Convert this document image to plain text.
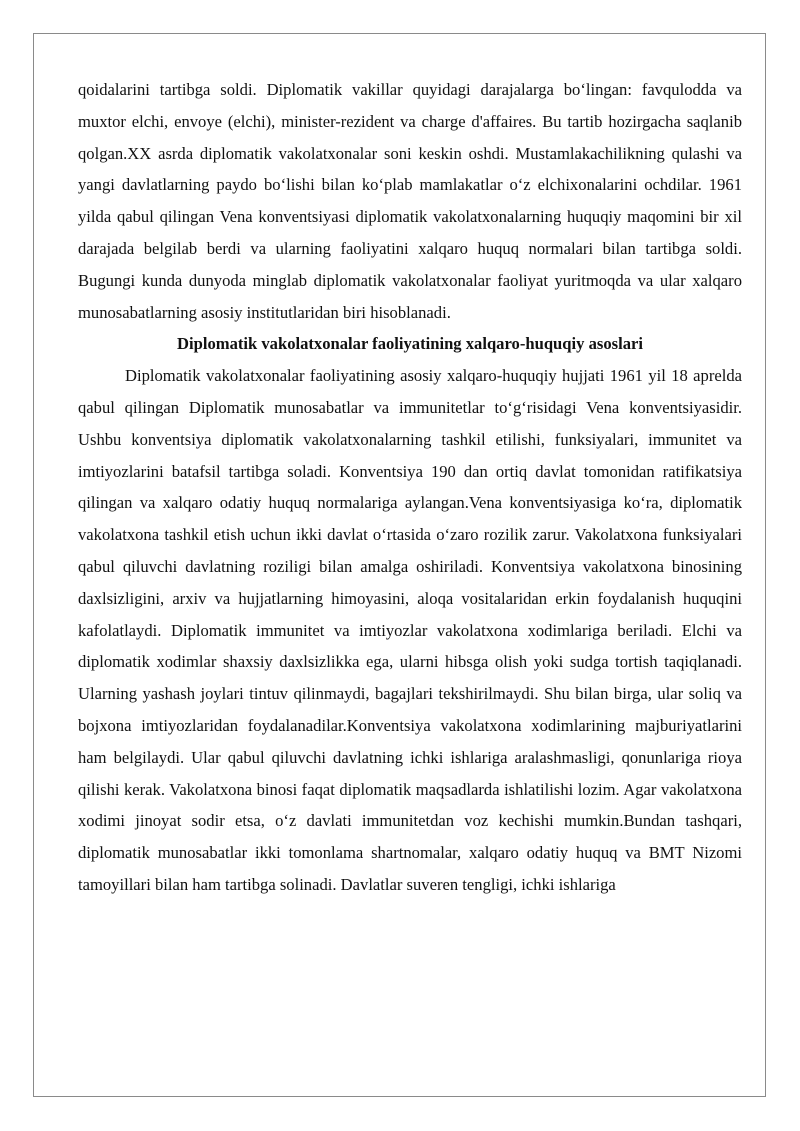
qoidalarini tartibga soldi. Diplomatik vakillar quyidagi darajalarga bo‘lingan: favqulodda va muxtor elchi, envoye (elchi), minister-rezident va charge d'affaires. Bu tartib hozirgacha saqlanib qolgan.XX asrda diplomatik vakolatxonalar soni keskin oshdi. Mustamlakachilikning qulashi va yangi davlatlarning paydo bo‘lishi bilan ko‘plab mamlakatlar o‘z elchixonalarini ochdilar. 1961 yilda qabul qilingan Vena konventsiyasi diplomatik vakolatxonalarning huquqiy maqomini bir xil darajada belgilab berdi va ularning faoliyatini xalqaro huquq normalari bilan tartibga soldi. Bugungi kunda dunyoda minglab diplomatik vakolatxonalar faoliyat yuritmoqda va ular xalqaro munosabatlarning asosiy institutlaridan biri hisoblanadi.

Diplomatik vakolatxonalar faoliyatining xalqaro-huquqiy asoslari

Diplomatik vakolatxonalar faoliyatining asosiy xalqaro-huquqiy hujjati 1961 yil 18 aprelda qabul qilingan Diplomatik munosabatlar va immunitetlar to‘g‘risidagi Vena konventsiyasidir. Ushbu konventsiya diplomatik vakolatxonalarning tashkil etilishi, funksiyalari, immunitet va imtiyozlarini batafsil tartibga soladi. Konventsiya 190 dan ortiq davlat tomonidan ratifikatsiya qilingan va xalqaro odatiy huquq normalariga aylangan.Vena konventsiyasiga ko‘ra, diplomatik vakolatxona tashkil etish uchun ikki davlat o‘rtasida o‘zaro rozilik zarur. Vakolatxona funksiyalari qabul qiluvchi davlatning roziligi bilan amalga oshiriladi. Konventsiya vakolatxona binosining daxlsizligini, arxiv va hujjatlarning himoyasini, aloqa vositalaridan erkin foydalanish huquqini kafolatlaydi. Diplomatik immunitet va imtiyozlar vakolatxona xodimlariga beriladi. Elchi va diplomatik xodimlar shaxsiy daxlsizlikka ega, ularni hibsga olish yoki sudga tortish taqiqlanadi. Ularning yashash joylari tintuv qilinmaydi, bagajlari tekshirilmaydi. Shu bilan birga, ular soliq va bojxona imtiyozlaridan foydalanadilar.Konventsiya vakolatxona xodimlarining majburiyatlarini ham belgilaydi. Ular qabul qiluvchi davlatning ichki ishlariga aralashmasligi, qonunlariga rioya qilishi kerak. Vakolatxona binosi faqat diplomatik maqsadlarda ishlatilishi lozim. Agar vakolatxona xodimi jinoyat sodir etsa, o‘z davlati immunitetdan voz kechishi mumkin.Bundan tashqari, diplomatik munosabatlar ikki tomonlama shartnomalar, xalqaro odatiy huquq va BMT Nizomi tamoyillari bilan ham tartibga solinadi. Davlatlar suveren tengligi, ichki ishlariga
